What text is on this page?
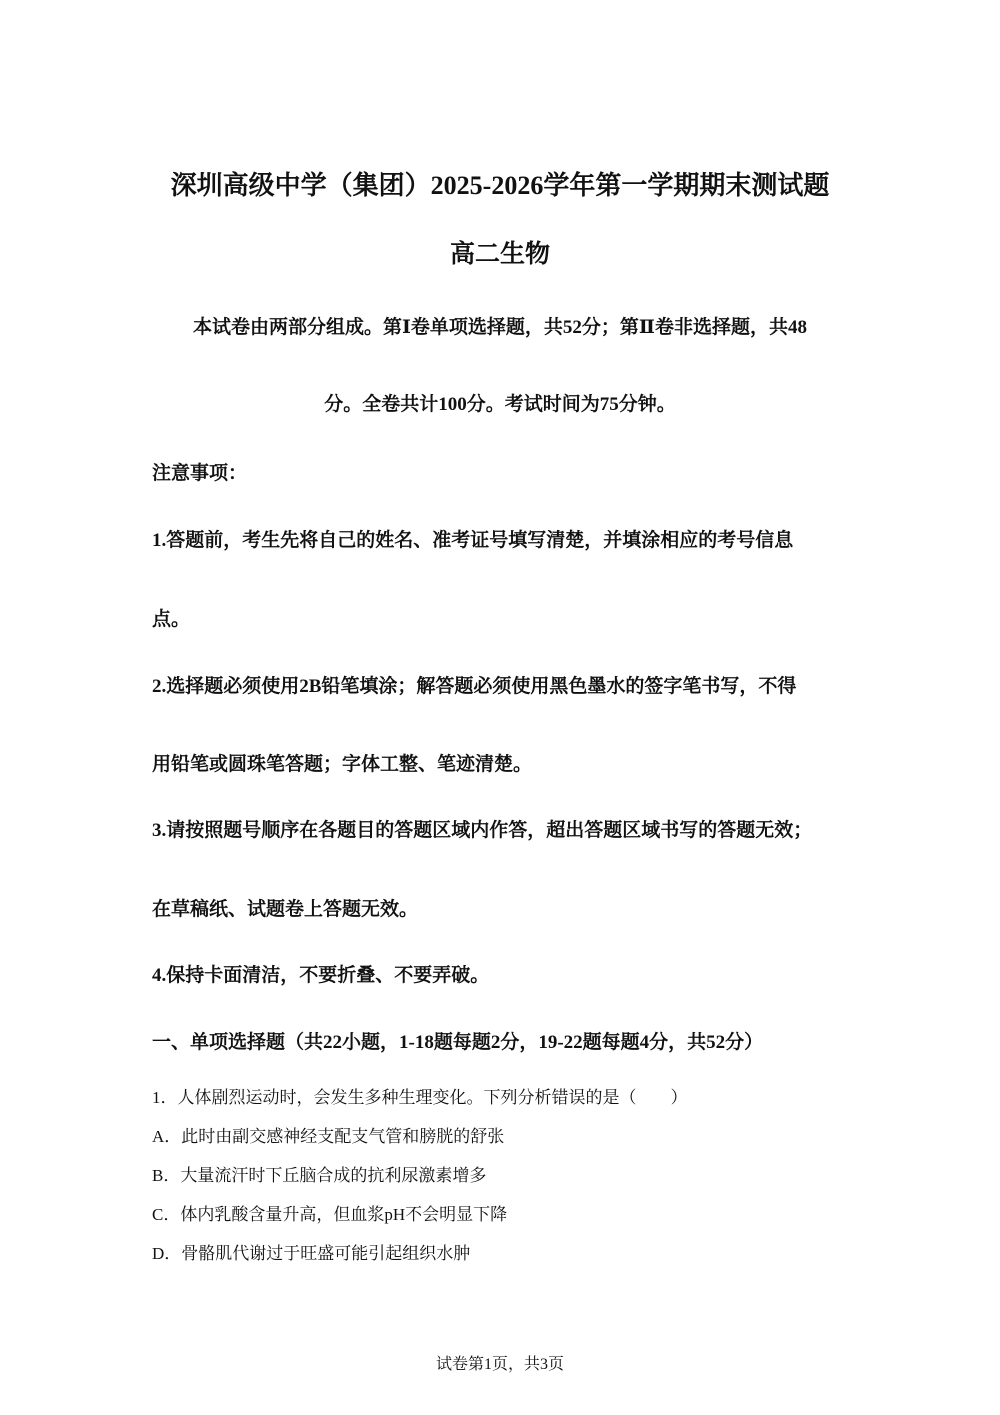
深圳高级中学（集团）2025-2026学年第一学期期末测试题
高二生物

本试卷由两部分组成。第Ⅰ卷单项选择题，共52分；第Ⅱ卷非选择题，共48

分。全卷共计100分。考试时间为75分钟。

注意事项：

1.答题前，考生先将自己的姓名、准考证号填写清楚，并填涂相应的考号信息

点。

2.选择题必须使用2B铅笔填涂；解答题必须使用黑色墨水的签字笔书写，不得

用铅笔或圆珠笔答题；字体工整、笔迹清楚。

3.请按照题号顺序在各题目的答题区域内作答，超出答题区域书写的答题无效；

在草稿纸、试题卷上答题无效。

4.保持卡面清洁，不要折叠、不要弄破。

一、单项选择题（共22小题，1-18题每题2分，19-22题每题4分，共52分）

1．人体剧烈运动时，会发生多种生理变化。下列分析错误的是（　　）

A．此时由副交感神经支配支气管和膀胱的舒张

B．大量流汗时下丘脑合成的抗利尿激素增多

C．体内乳酸含量升高，但血浆pH不会明显下降

D．骨骼肌代谢过于旺盛可能引起组织水肿

试卷第1页，共3页
